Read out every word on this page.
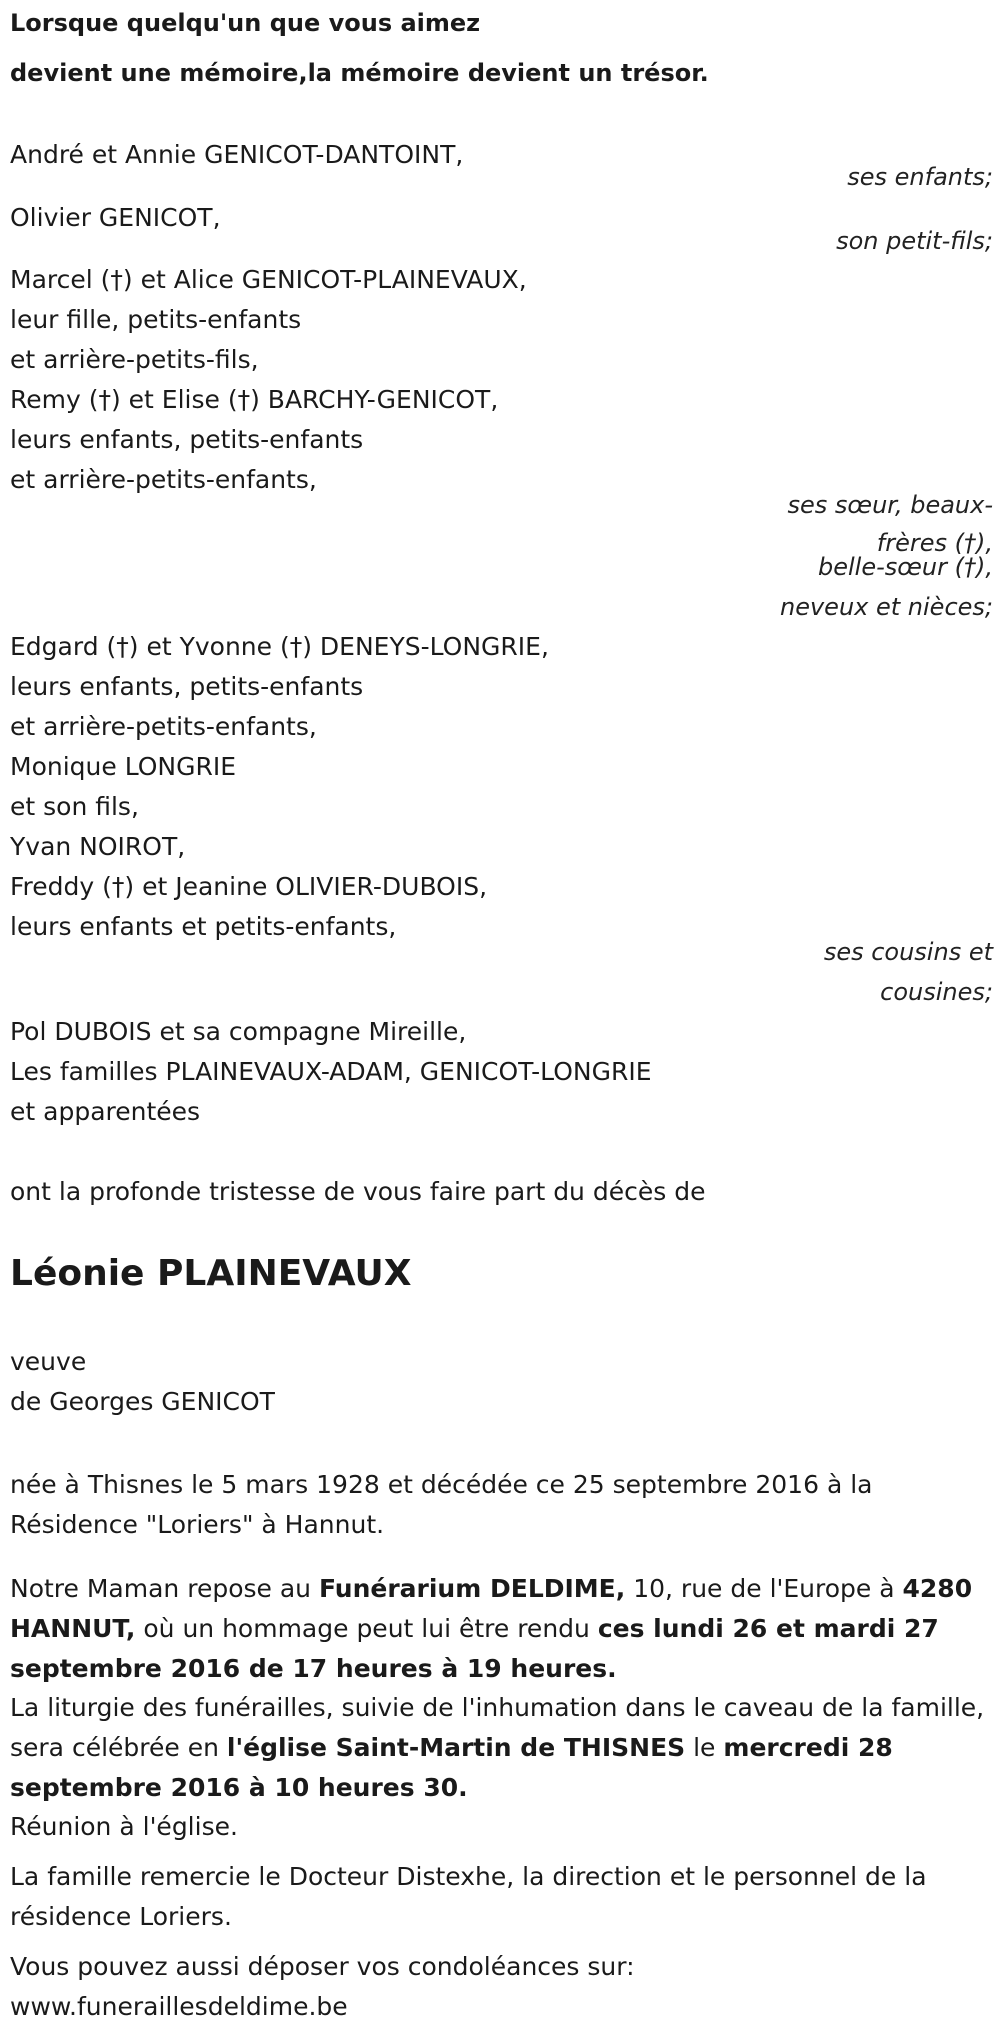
Lorsque quelqu'un que vous aimez
devient une mémoire,la mémoire devient un trésor.
André et Annie GENICOT-DANTOINT,
ses enfants;
Olivier GENICOT,
son petit-fils;
Marcel (†) et Alice GENICOT-PLAINEVAUX,
leur fille, petits-enfants
et arrière-petits-fils,
Remy (†) et Elise (†) BARCHY-GENICOT,
leurs enfants, petits-enfants
et arrière-petits-enfants,
ses sœur, beaux-
frères (†),
belle-sœur (†),
neveux et nièces;
Edgard (†) et Yvonne (†) DENEYS-LONGRIE,
leurs enfants, petits-enfants
et arrière-petits-enfants,
Monique LONGRIE
et son fils,
Yvan NOIROT,
Freddy (†) et Jeanine OLIVIER-DUBOIS,
leurs enfants et petits-enfants,
ses cousins et
cousines;
Pol DUBOIS et sa compagne Mireille,
Les familles PLAINEVAUX-ADAM, GENICOT-LONGRIE
et apparentées
ont la profonde tristesse de vous faire part du décès de
Léonie PLAINEVAUX
veuve
de Georges GENICOT
née à Thisnes le 5 mars 1928 et décédée ce 25 septembre 2016 à la Résidence "Loriers" à Hannut.
Notre Maman repose au Funérarium DELDIME, 10, rue de l'Europe à 4280 HANNUT, où un hommage peut lui être rendu ces lundi 26 et mardi 27 septembre 2016 de 17 heures à 19 heures.
La liturgie des funérailles, suivie de l'inhumation dans le caveau de la famille, sera célébrée en l'église Saint-Martin de THISNES le mercredi 28 septembre 2016 à 10 heures 30.
Réunion à l'église.
La famille remercie le Docteur Distexhe, la direction et le personnel de la résidence Loriers.
Vous pouvez aussi déposer vos condoléances sur:
www.funeraillesdeldime.be
